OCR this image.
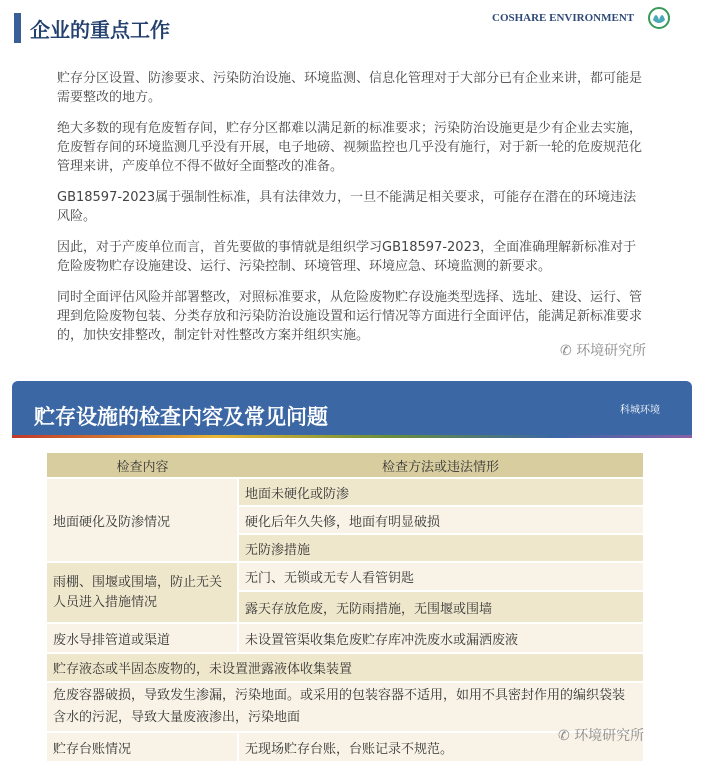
企业的重点工作	COSHARE ENVIRONMENT

贮存分区设置、防渗要求、污染防治设施、环境监测、信息化管理对于大部分已有企业来讲，都可能是需要整改的地方。

绝大多数的现有危废暂存间，贮存分区都难以满足新的标准要求；污染防治设施更是少有企业去实施，危废暂存间的环境监测几乎没有开展，电子地磅、视频监控也几乎没有施行，对于新一轮的危废规范化管理来讲，产废单位不得不做好全面整改的准备。

GB18597-2023属于强制性标准，具有法律效力，一旦不能满足相关要求，可能存在潜在的环境违法风险。

因此，对于产废单位而言，首先要做的事情就是组织学习GB18597-2023，全面准确理解新标准对于危险废物贮存设施建设、运行、污染控制、环境管理、环境应急、环境监测的新要求。

同时全面评估风险并部署整改，对照标准要求，从危险废物贮存设施类型选择、选址、建设、运行、管理到危险废物包装、分类存放和污染防治设施设置和运行情况等方面进行全面评估，能满足新标准要求的，加快安排整改，制定针对性整改方案并组织实施。

✆ 环境研究所
贮存设施的检查内容及常见问题	科城环境
检查内容	检查方法或违法情形
地面硬化及防渗情况	地面未硬化或防渗
	硬化后年久失修，地面有明显破损
	无防渗措施
雨棚、围堰或围墙，防止无关人员进入措施情况	无门、无锁或无专人看管钥匙
	露天存放危废，无防雨措施，无围堰或围墙
废水导排管道或渠道	未设置管渠收集危废贮存库冲洗废水或漏洒废液
贮存液态或半固态废物的，未设置泄露液体收集装置	
危废容器破损，导致发生渗漏，污染地面。或采用的包装容器不适用，如用不具密封作用的编织袋装含水的污泥，导致大量废液渗出，污染地面	
贮存台账情况	无现场贮存台账，台账记录不规范。
✆ 环境研究所
